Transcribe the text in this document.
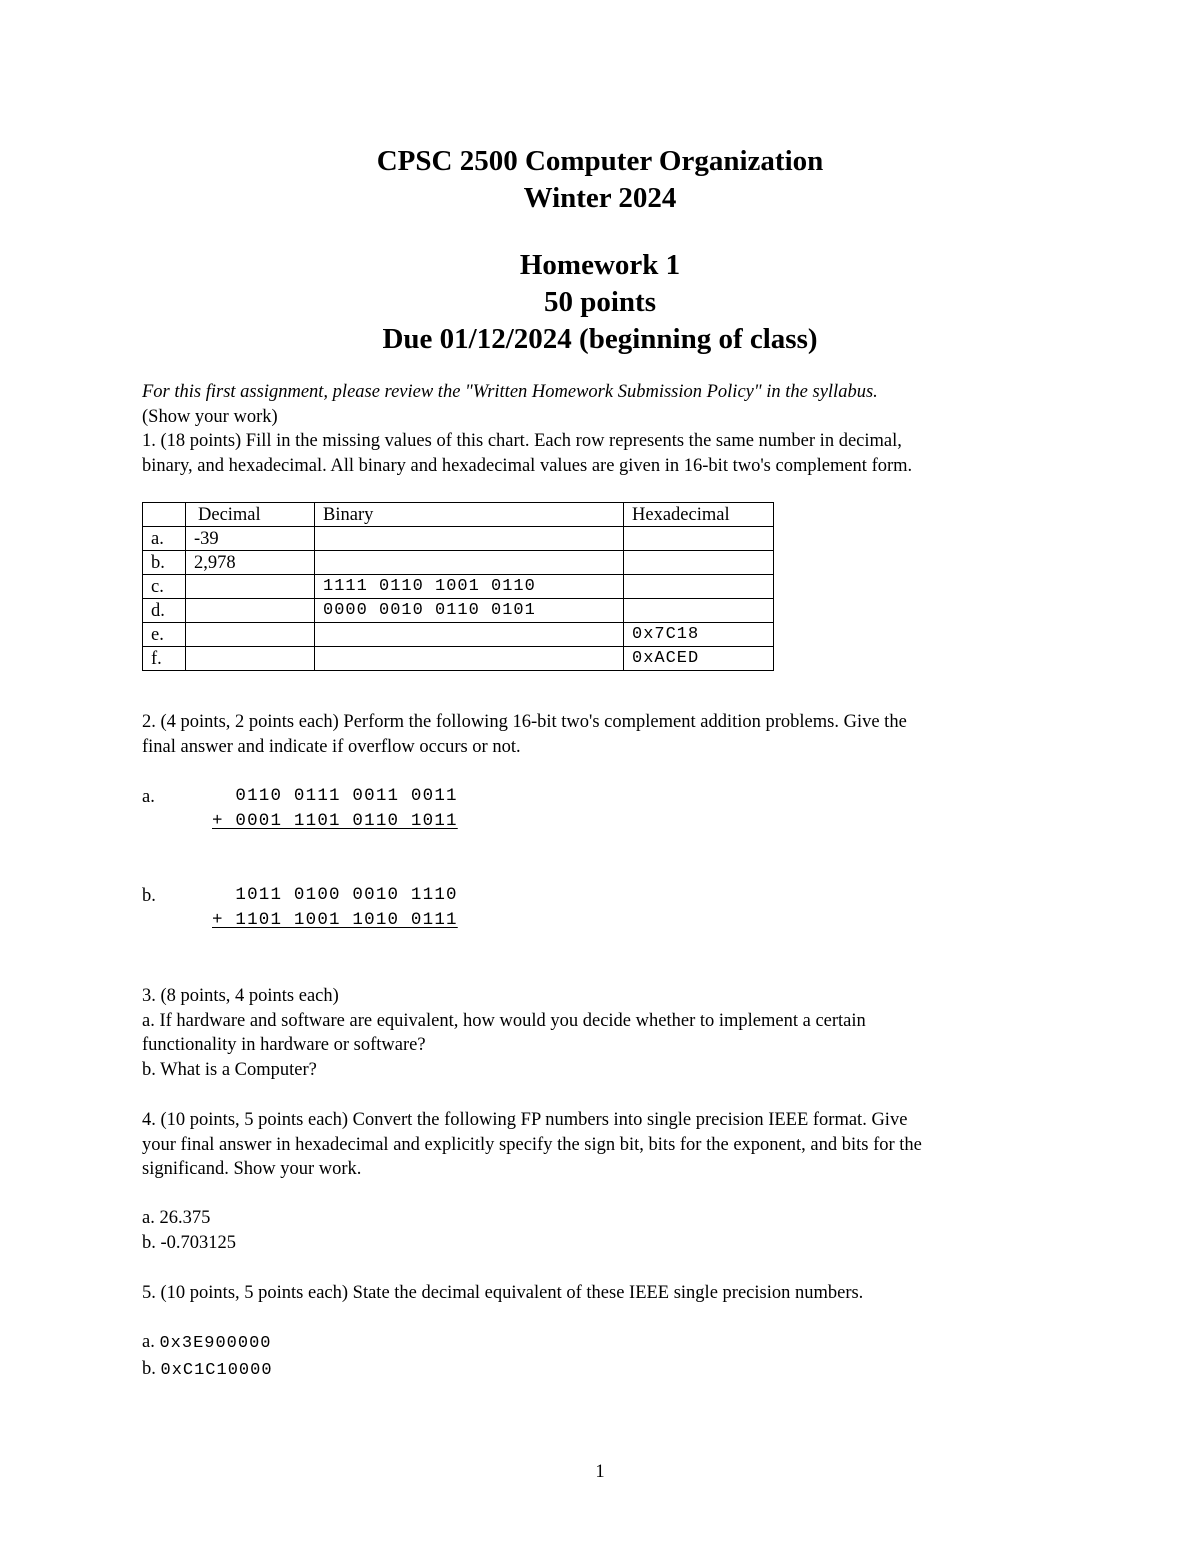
CPSC 2500 Computer Organization
Winter 2024
Homework 1
50 points
Due 01/12/2024 (beginning of class)

For this first assignment, please review the "Written Homework Submission Policy" in the syllabus.

(Show your work)

1. (18 points) Fill in the missing values of this chart. Each row represents the same number in decimal,

binary, and hexadecimal. All binary and hexadecimal values are given in 16-bit two's complement form.

	Decimal	Binary	Hexadecimal
a.	-39		
b.	2,978		
c.		1111 0110 1001 0110	
d.		0000 0010 0110 0101	
e.			0x7C18
f.			0xACED

2. (4 points, 2 points each) Perform the following 16-bit two's complement addition problems. Give the

final answer and indicate if overflow occurs or not.

a.	0110 0111 0011 0011
+ 0001 1101 0110 1011
b.	1011 0100 0010 1110
+ 1101 1001 1010 0111

3. (8 points, 4 points each)

a. If hardware and software are equivalent, how would you decide whether to implement a certain

functionality in hardware or software?

b. What is a Computer?

4. (10 points, 5 points each) Convert the following FP numbers into single precision IEEE format. Give

your final answer in hexadecimal and explicitly specify the sign bit, bits for the exponent, and bits for the

significand. Show your work.

a. 26.375

b. -0.703125

5. (10 points, 5 points each) State the decimal equivalent of these IEEE single precision numbers.

a. 0x3E900000

b. 0xC1C10000

1
